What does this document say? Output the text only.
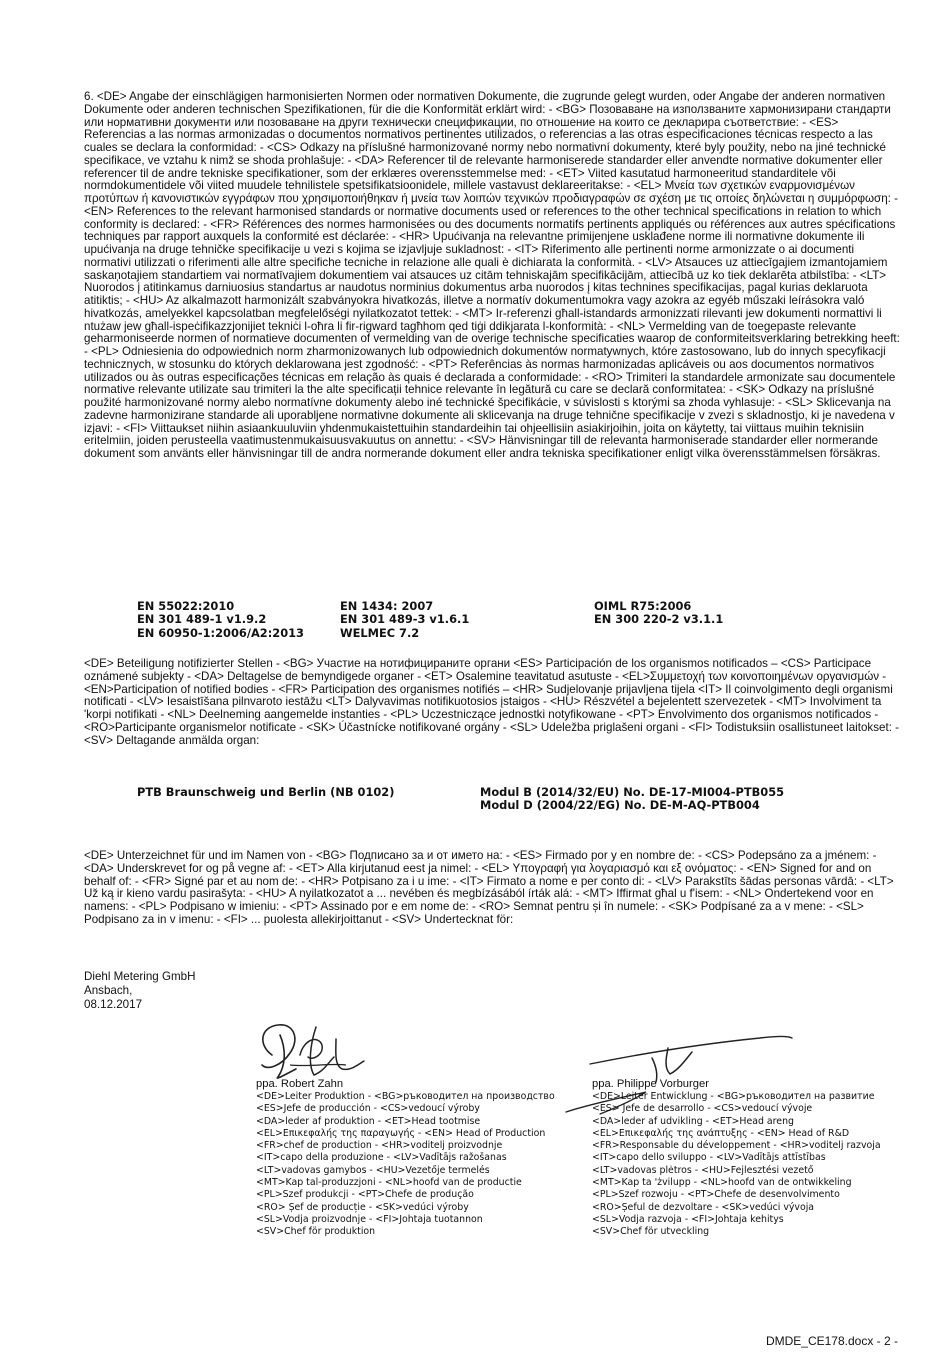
6. <DE> Angabe der einschlägigen harmonisierten Normen oder normativen Dokumente, die zugrunde gelegt wurden, oder Angabe der anderen normativen Dokumente oder anderen technischen Spezifikationen, für die die Konformität erklärt wird: - <BG> Позоваване на използваните хармонизирани стандарти или нормативни документи или позоваване на други технически спецификации, по отношение на които се декларира съответствие: - <ES> Referencias a las normas armonizadas o documentos normativos pertinentes utilizados, o referencias a las otras especificaciones técnicas respecto a las cuales se declara la conformidad: - <CS> Odkazy na příslušné harmonizované normy nebo normativní dokumenty, které byly použity, nebo na jiné technické specifikace, ve vztahu k nimž se shoda prohlašuje: - <DA> Referencer til de relevante harmoniserede standarder eller anvendte normative dokumenter eller referencer til de andre tekniske specifikationer, som der erklæres overensstemmelse med: - <ET> Viited kasutatud harmoneeritud standarditele või normdokumentidele või viited muudele tehnilistele spetsifikatsioonidele, millele vastavust deklareeritakse: - <EL> Μνεία των σχετικών εναρμονισμένων προτύπων ή κανονιστικών εγγράφων που χρησιμοποιήθηκαν ή μνεία των λοιπών τεχνικών προδιαγραφών σε σχέση με τις οποίες δηλώνεται η συμμόρφωση: - <EN> References to the relevant harmonised standards or normative documents used or references to the other technical specifications in relation to which conformity is declared: - <FR> Références des normes harmonisées ou des documents normatifs pertinents appliqués ou références aux autres spécifications techniques par rapport auxquels la conformité est déclarée: - <HR> Upućivanja na relevantne primijenjene usklađene norme ili normativne dokumente ili upućivanja na druge tehničke specifikacije u vezi s kojima se izjavljuje sukladnost: - <IT> Riferimento alle pertinenti norme armonizzate o ai documenti normativi utilizzati o riferimenti alle altre specifiche tecniche in relazione alle quali è dichiarata la conformità. - <LV> Atsauces uz attiecīgajiem izmantojamiem saskaņotajiem standartiem vai normatīvajiem dokumentiem vai atsauces uz citām tehniskajām specifikācijām, attiecībā uz ko tiek deklarēta atbilstība: - <LT> Nuorodos į atitinkamus darniuosius standartus ar naudotus norminius dokumentus arba nuorodos į kitas technines specifikacijas, pagal kurias deklaruota atitiktis; - <HU> Az alkalmazott harmonizált szabványokra hivatkozás, illetve a normatív dokumentumokra vagy azokra az egyéb műszaki leírásokra való hivatkozás, amelyekkel kapcsolatban megfelelőségi nyilatkozatot tettek: - <MT> Ir-referenzi għall-istandards armonizzati rilevanti jew dokumenti normattivi li ntużaw jew għall-ispeċifikazzjonijiet tekniċi l-oħra li fir-rigward tagħhom qed tiġi ddikjarata l-konformità: - <NL> Vermelding van de toegepaste relevante geharmoniseerde normen of normatieve documenten of vermelding van de overige technische specificaties waarop de conformiteitsverklaring betrekking heeft: - <PL> Odniesienia do odpowiednich norm zharmonizowanych lub odpowiednich dokumentów normatywnych, które zastosowano, lub do innych specyfikacji technicznych, w stosunku do których deklarowana jest zgodność: - <PT> Referências às normas harmonizadas aplicáveis ou aos documentos normativos utilizados ou às outras especificações técnicas em relação às quais é declarada a conformidade: - <RO> Trimiteri la standardele armonizate sau documentele normative relevante utilizate sau trimiteri la the alte specificații tehnice relevante în legătură cu care se declară conformitatea: - <SK> Odkazy na príslušné použité harmonizované normy alebo normatívne dokumenty alebo iné technické špecifikácie, v súvislosti s ktorými sa zhoda vyhlasuje: - <SL> Sklicevanja na zadevne harmonizirane standarde ali uporabljene normativne dokumente ali sklicevanja na druge tehnične specifikacije v zvezi s skladnostjo, ki je navedena v izjavi: - <FI> Viittaukset niihin asiaankuuluviin yhdenmukaistettuihin standardeihin tai ohjeellisiin asiakirjoihin, joita on käytetty, tai viittaus muihin teknisiin eritelmiin, joiden perusteella vaatimustenmukaisuusvakuutus on annettu: - <SV> Hänvisningar till de relevanta harmoniserade standarder eller normerande dokument som använts eller hänvisningar till de andra normerande dokument eller andra tekniska specifikationer enligt vilka överensstämmelsen försäkras.

EN 55022:2010	EN 1434: 2007	OIML R75:2006
EN 301 489-1 v1.9.2	EN 301 489-3 v1.6.1	EN 300 220-2 v3.1.1
EN 60950-1:2006/A2:2013	WELMEC 7.2

<DE> Beteiligung notifizierter Stellen - <BG> Участие на нотифицираните органи <ES> Participación de los organismos notificados – <CS> Participace oznámené subjekty - <DA> Deltagelse de bemyndigede organer - <ET> Osalemine teavitatud asutuste - <EL>Συμμετοχή των κοινοποιημένων οργανισμών - <EN>Participation of notified bodies - <FR> Participation des organismes notifiés – <HR> Sudjelovanje prijavljena tijela <IT> Il coinvolgimento degli organismi notificati - <LV> Iesaistīšana pilnvaroto iestāžu <LT> Dalyvavimas notifikuotosios įstaigos - <HU> Részvétel a bejelentett szervezetek - <MT> Involviment ta 'korpi notifikati - <NL> Deelneming aangemelde instanties - <PL> Uczestniczące jednostki notyfikowane - <PT> Envolvimento dos organismos notificados - <RO>Participante organismelor notificate - <SK> Účastnícke notifikované orgány - <SL> Udeležba priglašeni organi - <FI> Todistuksiin osallistuneet laitokset: - <SV> Deltagande anmälda organ:

PTB Braunschweig und Berlin (NB 0102)	Modul B (2014/32/EU) No. DE-17-MI004-PTB055
Modul D (2004/22/EG) No. DE-M-AQ-PTB004

<DE> Unterzeichnet für und im Namen von - <BG> Подписано за и от името на: - <ES> Firmado por y en nombre de: - <CS> Podepsáno za a jménem: - <DA> Underskrevet for og på vegne af: - <ET> Alla kirjutanud eest ja nimel: - <EL> Υπογραφή για λογαριασμό και εξ ονόματος: - <EN> Signed for and on behalf of: - <FR> Signé par et au nom de: - <HR> Potpisano za i u ime: - <IT> Firmato a nome e per conto di: - <LV> Parakstīts šādas personas vārdā: - <LT> Už ką ir kieno vardu pasirašyta: - <HU> A nyilatkozatot a ... nevében és megbízásából írták alá: - <MT> Iffirmat għal u f'isem: - <NL> Ondertekend voor en namens: - <PL> Podpisano w imieniu: - <PT> Assinado por e em nome de: - <RO> Semnat pentru și în numele: - <SK> Podpísané za a v mene: - <SL> Podpisano za in v imenu: - <FI> ... puolesta allekirjoittanut - <SV> Undertecknat för:

Diehl Metering GmbH
Ansbach,
08.12.2017
ppa. Robert Zahn
<DE>Leiter Produktion - <BG>ръководител на производство
<ES>Jefe de producción - <CS>vedoucí výroby
<DA>leder af produktion - <ET>Head tootmise
<EL>Επικεφαλής της παραγωγής - <EN> Head of Production
<FR>chef de production - <HR>voditelj proizvodnje
<IT>capo della produzione - <LV>Vadītājs ražošanas
<LT>vadovas gamybos - <HU>Vezetője termelés
<MT>Kap tal-produzzjoni - <NL>hoofd van de productie
<PL>Szef produkcji - <PT>Chefe de produção
<RO> Șef de producție - <SK>vedúci výroby
<SL>Vodja proizvodnje - <FI>Johtaja tuotannon
<SV>Chef för produktion
ppa. Philippe Vorburger
<DE>Leiter Entwicklung - <BG>ръководител на развитие
<ES> Jefe de desarrollo - <CS>vedoucí vývoje
<DA>leder af udvikling - <ET>Head areng
<EL>Επικεφαλής της ανάπτυξης - <EN> Head of R&D
<FR>Responsable du développement - <HR>voditelj razvoja
<IT>capo dello sviluppo - <LV>Vadītājs attīstības
<LT>vadovas plėtros - <HU>Fejlesztési vezető
<MT>Kap ta 'żvilupp - <NL>hoofd van de ontwikkeling
<PL>Szef rozwoju - <PT>Chefe de desenvolvimento
<RO>Șeful de dezvoltare - <SK>vedúci vývoja
<SL>Vodja razvoja - <FI>Johtaja kehitys
<SV>Chef för utveckling
DMDE_CE178.docx - 2 -
